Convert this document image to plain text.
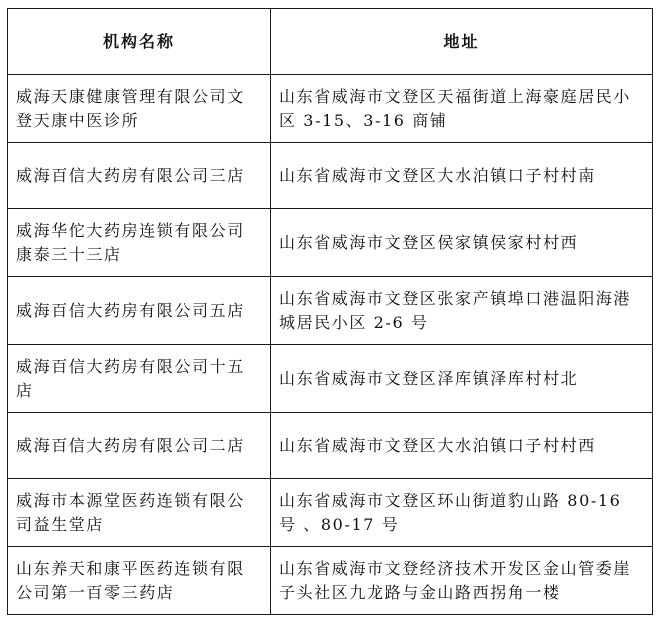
机构名称	地址
威海天康健康管理有限公司文登天康中医诊所	山东省威海市文登区天福街道上海豪庭居民小区 3-15、3-16 商铺
威海百信大药房有限公司三店	山东省威海市文登区大水泊镇口子村村南
威海华佗大药房连锁有限公司康泰三十三店	山东省威海市文登区侯家镇侯家村村西
威海百信大药房有限公司五店	山东省威海市文登区张家产镇埠口港温阳海港城居民小区 2-6 号
威海百信大药房有限公司十五店	山东省威海市文登区泽库镇泽库村村北
威海百信大药房有限公司二店	山东省威海市文登区大水泊镇口子村村西
威海市本源堂医药连锁有限公司益生堂店	山东省威海市文登区环山街道豹山路 80-16 号 、80-17 号
山东养天和康平医药连锁有限公司第一百零三药店	山东省威海市文登经济技术开发区金山管委崖子头社区九龙路与金山路西拐角一楼
